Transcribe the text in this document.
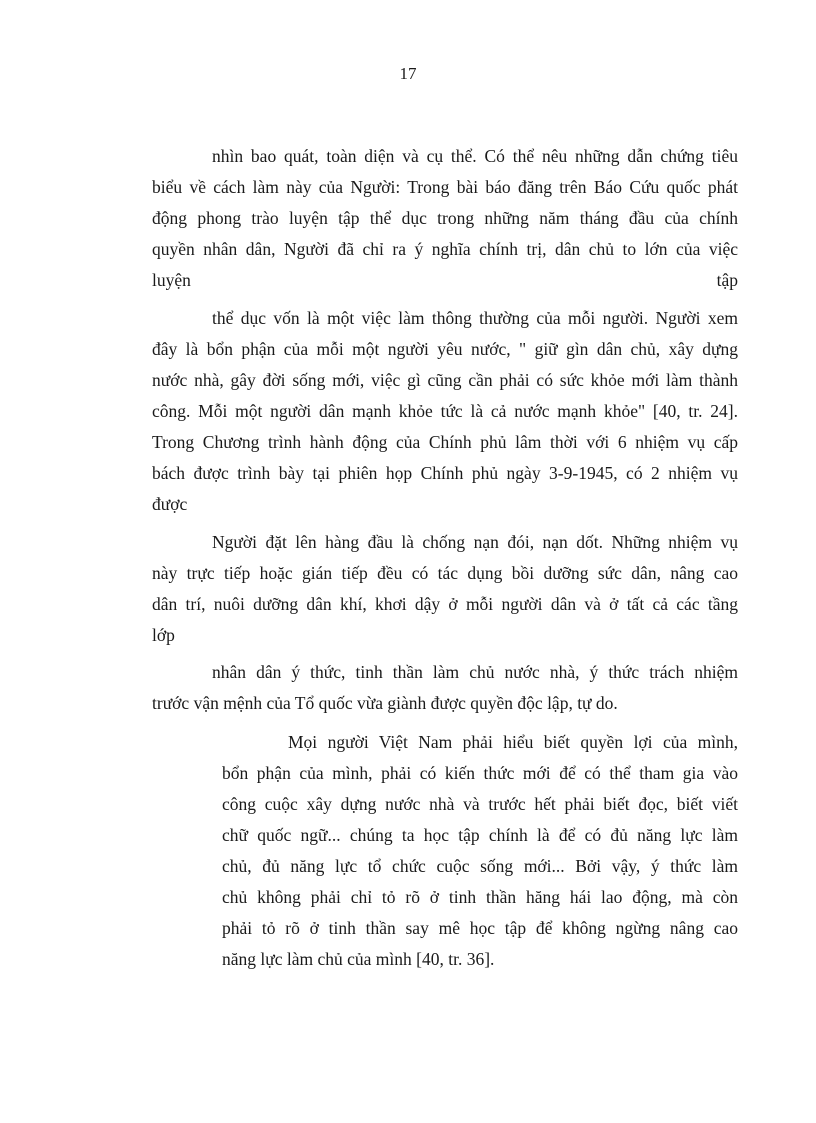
17
nhìn bao quát, toàn diện và cụ thể. Có thể nêu những dẫn chứng tiêu
biểu về cách làm này của Người: Trong bài báo đăng trên Báo Cứu quốc phát
động phong trào luyện tập thể dục trong những năm tháng đầu của chính
quyền nhân dân, Người đã chỉ ra ý nghĩa chính trị, dân chủ to lớn của việc
luyện	tập
thể dục vốn là một việc làm thông thường của mỗi người. Người xem
đây là bổn phận của mỗi một người yêu nước, " giữ gìn dân chủ, xây dựng
nước nhà, gây đời sống mới, việc gì cũng cần phải có sức khỏe mới làm thành
công. Mỗi một người dân mạnh khỏe tức là cả nước mạnh khỏe" [40, tr. 24].
Trong Chương trình hành động của Chính phủ lâm thời với 6 nhiệm vụ cấp
bách được trình bày tại phiên họp Chính phủ ngày 3-9-1945, có 2 nhiệm vụ
được
Người đặt lên hàng đầu là chống nạn đói, nạn dốt. Những nhiệm vụ
này trực tiếp hoặc gián tiếp đều có tác dụng bồi dưỡng sức dân, nâng cao
dân trí, nuôi dưỡng dân khí, khơi dậy ở mỗi người dân và ở tất cả các tầng
lớp
nhân dân ý thức, tinh thần làm chủ nước nhà, ý thức trách nhiệm
trước vận mệnh của Tổ quốc vừa giành được quyền độc lập, tự do.
Mọi người Việt Nam phải hiểu biết quyền lợi của mình,
bổn phận của mình, phải có kiến thức mới để có thể tham gia vào
công cuộc xây dựng nước nhà và trước hết phải biết đọc, biết viết
chữ quốc ngữ... chúng ta học tập chính là để có đủ năng lực làm
chủ, đủ năng lực tổ chức cuộc sống mới... Bởi vậy, ý thức làm
chủ không phải chỉ tỏ rõ ở tinh thần hăng hái lao động, mà còn
phải tỏ rõ ở tinh thần say mê học tập để không ngừng nâng cao
năng lực làm chủ của mình [40, tr. 36].
